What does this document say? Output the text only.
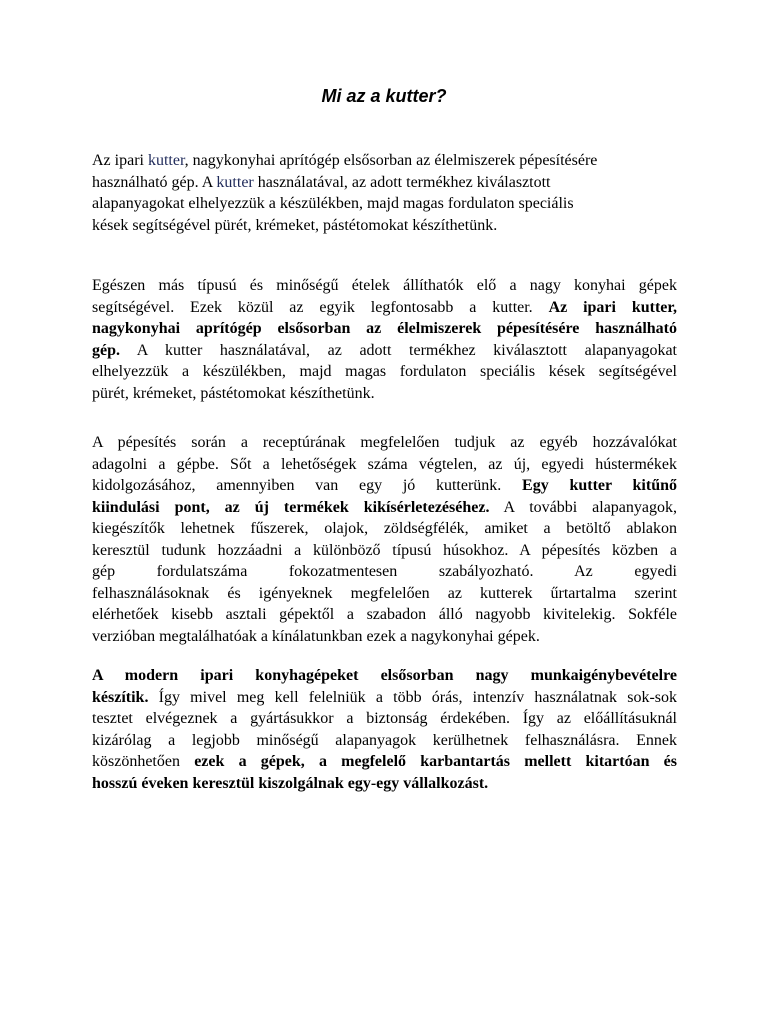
Mi az a kutter?
Az ipari kutter, nagykonyhai aprítógép elsősorban az élelmiszerek pépesítésére
használható gép. A kutter használatával, az adott termékhez kiválasztott
alapanyagokat elhelyezzük a készülékben, majd magas fordulaton speciális
kések segítségével pürét, krémeket, pástétomokat készíthetünk.
Egészen más típusú és minőségű ételek állíthatók elő a nagy konyhai gépek
segítségével. Ezek közül az egyik legfontosabb a kutter. Az ipari kutter,
nagykonyhai aprítógép elsősorban az élelmiszerek pépesítésére használható
gép. A kutter használatával, az adott termékhez kiválasztott alapanyagokat
elhelyezzük a készülékben, majd magas fordulaton speciális kések segítségével
pürét, krémeket, pástétomokat készíthetünk.
A pépesítés során a receptúrának megfelelően tudjuk az egyéb hozzávalókat
adagolni a gépbe. Sőt a lehetőségek száma végtelen, az új, egyedi hústermékek
kidolgozásához, amennyiben van egy jó kutterünk. Egy kutter kitűnő
kiindulási pont, az új termékek kikísérletezéséhez. A további alapanyagok,
kiegészítők lehetnek fűszerek, olajok, zöldségfélék, amiket a betöltő ablakon
keresztül tudunk hozzáadni a különböző típusú húsokhoz. A pépesítés közben a
gép fordulatszáma fokozatmentesen szabályozható. Az egyedi
felhasználásoknak és igényeknek megfelelően az kutterek űrtartalma szerint
elérhetőek kisebb asztali gépektől a szabadon álló nagyobb kivitelekig. Sokféle
verzióban megtalálhatóak a kínálatunkban ezek a nagykonyhai gépek.
A modern ipari konyhagépeket elsősorban nagy munkaigénybevételre
készítik. Így mivel meg kell felelniük a több órás, intenzív használatnak sok-sok
tesztet elvégeznek a gyártásukkor a biztonság érdekében. Így az előállításuknál
kizárólag a legjobb minőségű alapanyagok kerülhetnek felhasználásra. Ennek
köszönhetően ezek a gépek, a megfelelő karbantartás mellett kitartóan és
hosszú éveken keresztül kiszolgálnak egy-egy vállalkozást.
